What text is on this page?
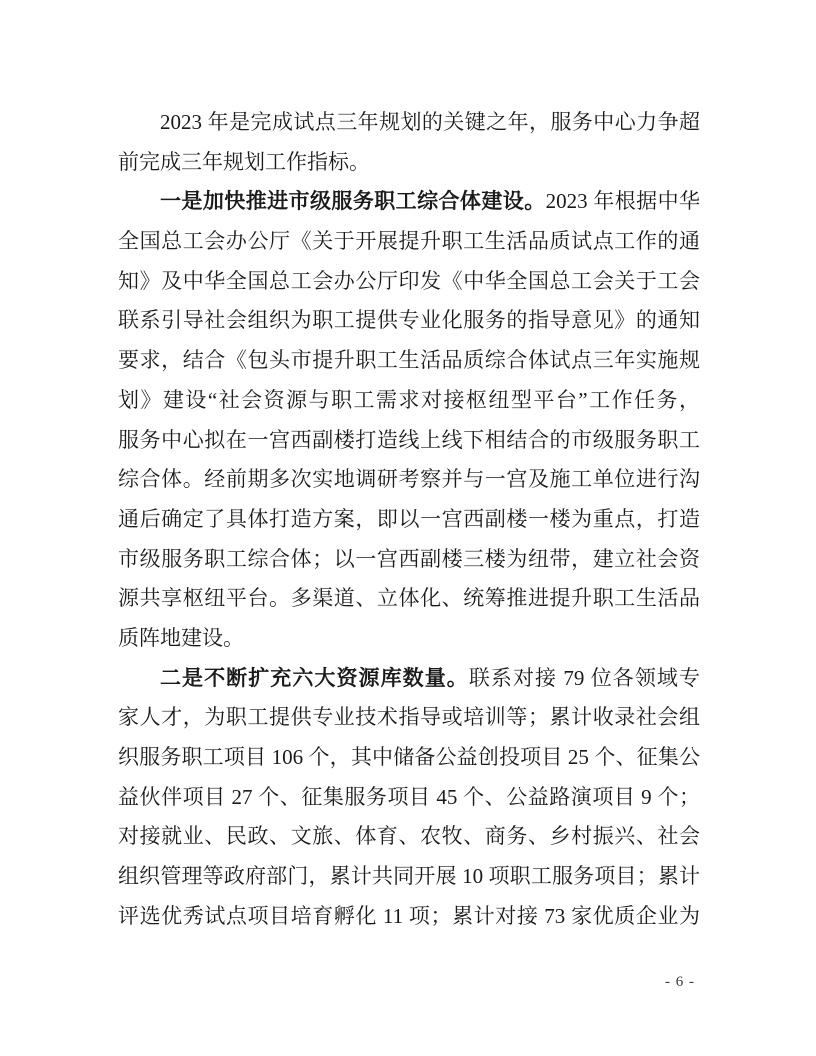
2023 年是完成试点三年规划的关键之年，服务中心力争超
前完成三年规划工作指标。
一是加快推进市级服务职工综合体建设。2023 年根据中华
全国总工会办公厅《关于开展提升职工生活品质试点工作的通
知》及中华全国总工会办公厅印发《中华全国总工会关于工会
联系引导社会组织为职工提供专业化服务的指导意见》的通知
要求，结合《包头市提升职工生活品质综合体试点三年实施规
划》建设“社会资源与职工需求对接枢纽型平台”工作任务，
服务中心拟在一宫西副楼打造线上线下相结合的市级服务职工
综合体。经前期多次实地调研考察并与一宫及施工单位进行沟
通后确定了具体打造方案，即以一宫西副楼一楼为重点，打造
市级服务职工综合体；以一宫西副楼三楼为纽带，建立社会资
源共享枢纽平台。多渠道、立体化、统筹推进提升职工生活品
质阵地建设。
二是不断扩充六大资源库数量。联系对接 79 位各领域专
家人才，为职工提供专业技术指导或培训等；累计收录社会组
织服务职工项目 106 个，其中储备公益创投项目 25 个、征集公
益伙伴项目 27 个、征集服务项目 45 个、公益路演项目 9 个；
对接就业、民政、文旅、体育、农牧、商务、乡村振兴、社会
组织管理等政府部门，累计共同开展 10 项职工服务项目；累计
评选优秀试点项目培育孵化 11 项；累计对接 73 家优质企业为
- 6 -
